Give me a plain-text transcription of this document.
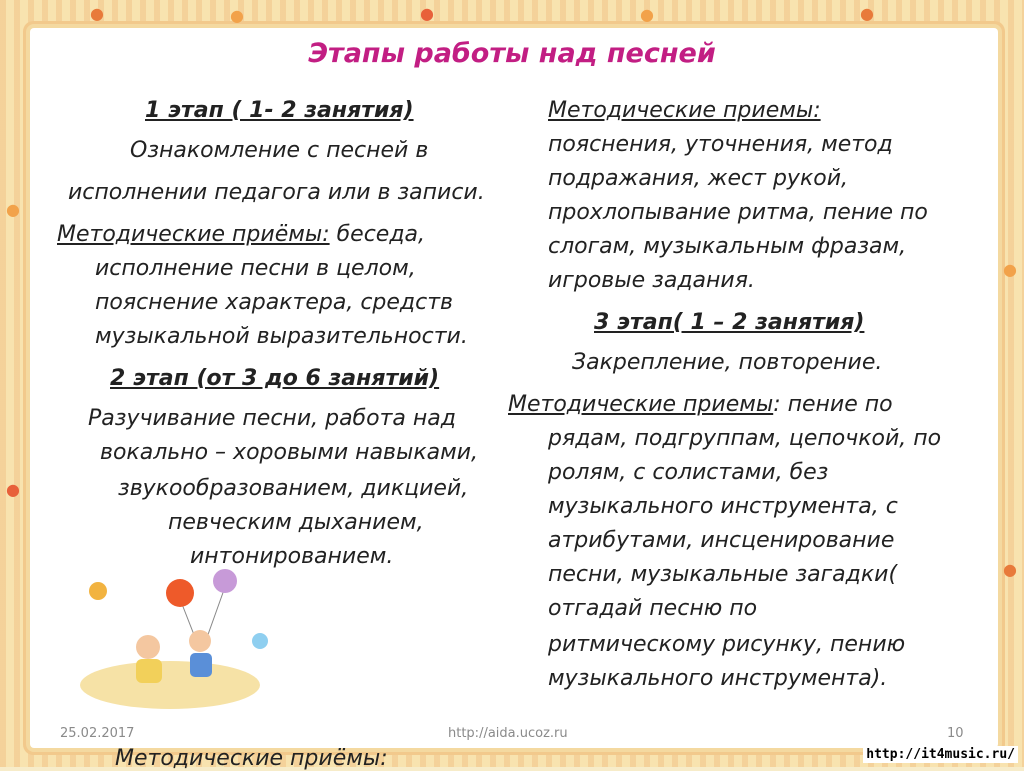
●	●	●	●	●
●
●
●
●
Этапы работы над песней
1 этап ( 1- 2 занятия)
Ознакомление с песней в
исполнении педагога или в записи.
Методические приёмы: беседа,
исполнение песни в целом,
пояснение характера, средств
музыкальной выразительности.
2 этап (от 3 до 6 занятий)
Разучивание песни, работа над
вокально – хоровыми навыками,
звукообразованием, дикцией,
певческим дыханием,
интонированием.
Методические приемы:
пояснения, уточнения, метод
подражания, жест рукой,
прохлопывание ритма, пение по
слогам, музыкальным фразам,
игровые задания.
3 этап( 1 – 2 занятия)
Закрепление, повторение.
Методические приемы: пение по
рядам, подгруппам, цепочкой, по
ролям, с солистами, без
музыкального инструмента, с
атрибутами, инсценирование
песни, музыкальные загадки(
отгадай песню по
ритмическому рисунку, пению
музыкального инструмента).
25.02.2017	http://aida.ucoz.ru	10
Методические приёмы:	http://it4music.ru/
